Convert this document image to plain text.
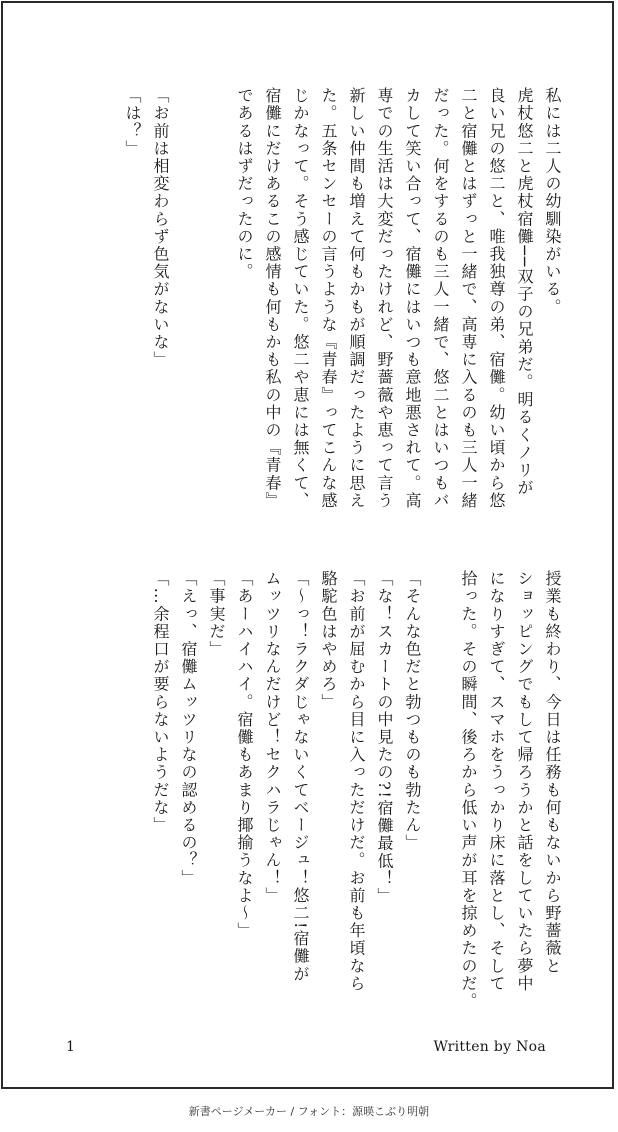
私には二人の幼馴染がいる。
虎杖悠二と虎杖宿儺──双子の兄弟だ。明るくノリが
良い兄の悠二と、唯我独尊の弟、宿儺。幼い頃から悠
二と宿儺とはずっと一緒で、高専に入るのも三人一緒
だった。何をするのも三人一緒で、悠二とはいつもバ
カして笑い合って、宿儺にはいつも意地悪されて。高
専での生活は大変だったけれど、野薔薇や恵って言う
新しい仲間も増えて何もかもが順調だったように思え
た。五条センセーの言うような『青春』ってこんな感
じかなって。そう感じていた。悠二や恵には無くて、
宿儺にだけあるこの感情も何もかも私の中の『青春』
であるはずだったのに。

「お前は相変わらず色気がないな」
「は？」
授業も終わり、今日は任務も何もないから野薔薇と
ショッピングでもして帰ろうかと話をしていたら夢中
になりすぎて、スマホをうっかり床に落とし、そして
拾った。その瞬間、後ろから低い声が耳を掠めたのだ。

「そんな色だと勃つものも勃たん」
「な！スカートの中見たの?!宿儺最低！」
「お前が屈むから目に入っただけだ。お前も年頃なら
駱駝色はやめろ」
「〜っ！ラクダじゃないくてベージュ！悠二!宿儺が
ムッツリなんだけど！セクハラじゃん！」
「あーハイハイ。宿儺もあまり揶揄うなよ〜」
「事実だ」
「えっ、宿儺ムッツリなの認めるの？」
「…余程口が要らないようだな」
1	Written by Noa
新書ページメーカー / フォント：源暎こぶり明朝
